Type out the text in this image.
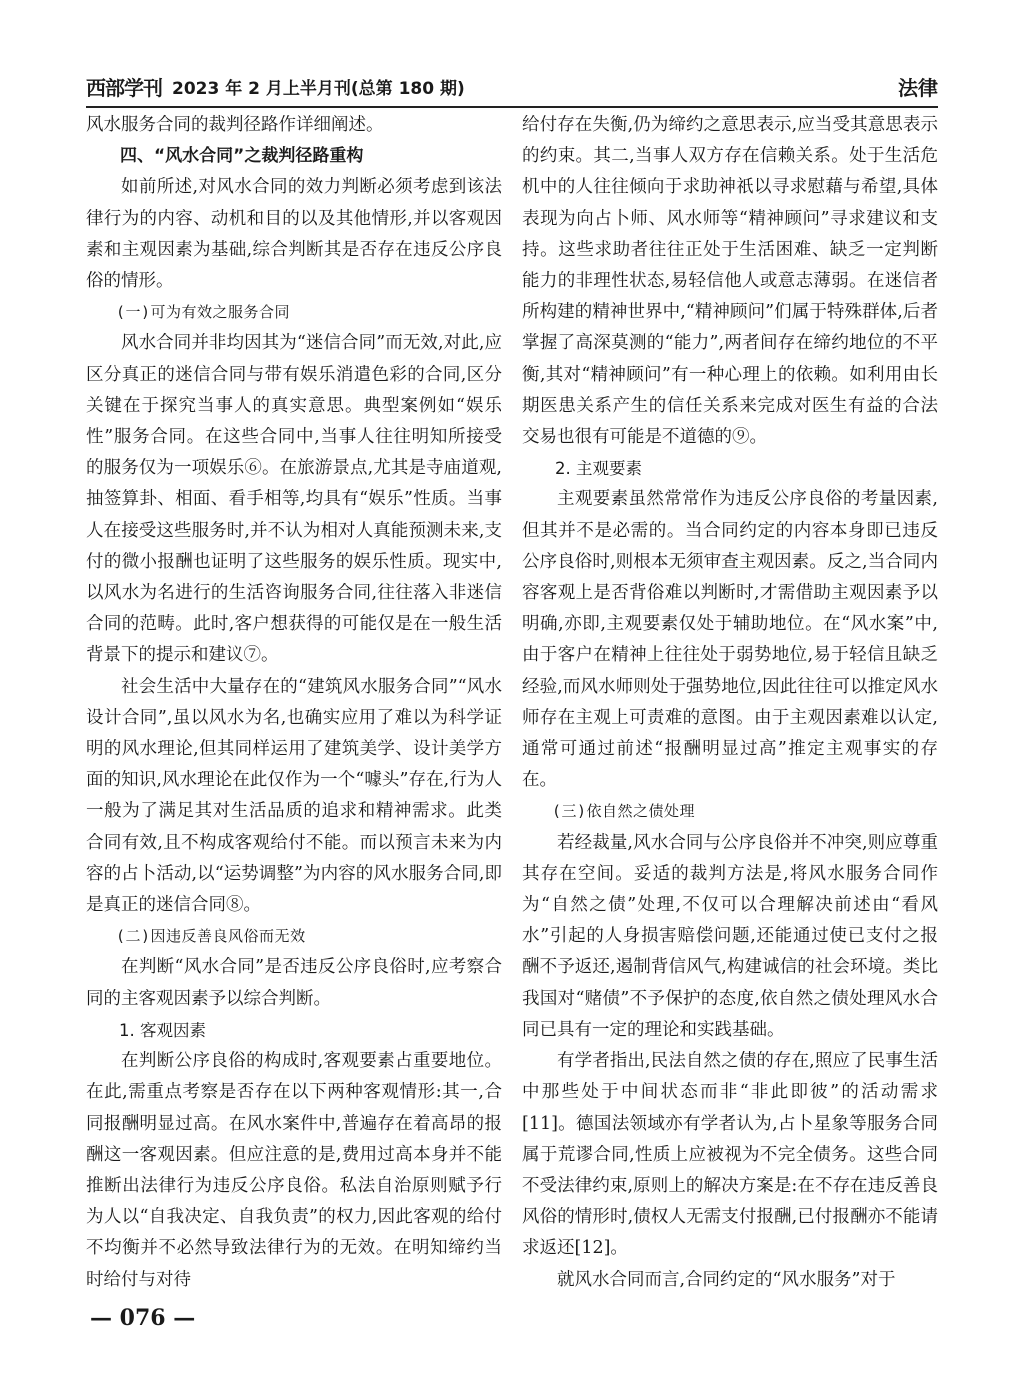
西部学刊 2023 年 2 月上半月刊(总第 180 期)	法律

风水服务合同的裁判径路作详细阐述。

四、“风水合同”之裁判径路重构

如前所述,对风水合同的效力判断必须考虑到该法律行为的内容、动机和目的以及其他情形,并以客观因素和主观因素为基础,综合判断其是否存在违反公序良俗的情形。

(一)可为有效之服务合同

风水合同并非均因其为“迷信合同”而无效,对此,应区分真正的迷信合同与带有娱乐消遣色彩的合同,区分关键在于探究当事人的真实意思。典型案例如“娱乐性”服务合同。在这些合同中,当事人往往明知所接受的服务仅为一项娱乐⑥。在旅游景点,尤其是寺庙道观,抽签算卦、相面、看手相等,均具有“娱乐”性质。当事人在接受这些服务时,并不认为相对人真能预测未来,支付的微小报酬也证明了这些服务的娱乐性质。现实中,以风水为名进行的生活咨询服务合同,往往落入非迷信合同的范畴。此时,客户想获得的可能仅是在一般生活背景下的提示和建议⑦。

社会生活中大量存在的“建筑风水服务合同”“风水设计合同”,虽以风水为名,也确实应用了难以为科学证明的风水理论,但其同样运用了建筑美学、设计美学方面的知识,风水理论在此仅作为一个“噱头”存在,行为人一般为了满足其对生活品质的追求和精神需求。此类合同有效,且不构成客观给付不能。而以预言未来为内容的占卜活动,以“运势调整”为内容的风水服务合同,即是真正的迷信合同⑧。

(二)因违反善良风俗而无效

在判断“风水合同”是否违反公序良俗时,应考察合同的主客观因素予以综合判断。

1. 客观因素

在判断公序良俗的构成时,客观要素占重要地位。在此,需重点考察是否存在以下两种客观情形:其一,合同报酬明显过高。在风水案件中,普遍存在着高昂的报酬这一客观因素。但应注意的是,费用过高本身并不能推断出法律行为违反公序良俗。私法自治原则赋予行为人以“自我决定、自我负责”的权力,因此客观的给付不均衡并不必然导致法律行为的无效。在明知缔约当时给付与对待

给付存在失衡,仍为缔约之意思表示,应当受其意思表示的约束。其二,当事人双方存在信赖关系。处于生活危机中的人往往倾向于求助神祇以寻求慰藉与希望,具体表现为向占卜师、风水师等“精神顾问”寻求建议和支持。这些求助者往往正处于生活困难、缺乏一定判断能力的非理性状态,易轻信他人或意志薄弱。在迷信者所构建的精神世界中,“精神顾问”们属于特殊群体,后者掌握了高深莫测的“能力”,两者间存在缔约地位的不平衡,其对“精神顾问”有一种心理上的依赖。如利用由长期医患关系产生的信任关系来完成对医生有益的合法交易也很有可能是不道德的⑨。

2. 主观要素

主观要素虽然常常作为违反公序良俗的考量因素,但其并不是必需的。当合同约定的内容本身即已违反公序良俗时,则根本无须审查主观因素。反之,当合同内容客观上是否背俗难以判断时,才需借助主观因素予以明确,亦即,主观要素仅处于辅助地位。在“风水案”中,由于客户在精神上往往处于弱势地位,易于轻信且缺乏经验,而风水师则处于强势地位,因此往往可以推定风水师存在主观上可责难的意图。由于主观因素难以认定,通常可通过前述“报酬明显过高”推定主观事实的存在。

(三)依自然之债处理

若经裁量,风水合同与公序良俗并不冲突,则应尊重其存在空间。妥适的裁判方法是,将风水服务合同作为“自然之债”处理,不仅可以合理解决前述由“看风水”引起的人身损害赔偿问题,还能通过使已支付之报酬不予返还,遏制背信风气,构建诚信的社会环境。类比我国对“赌债”不予保护的态度,依自然之债处理风水合同已具有一定的理论和实践基础。

有学者指出,民法自然之债的存在,照应了民事生活中那些处于中间状态而非“非此即彼”的活动需求[11]。德国法领域亦有学者认为,占卜星象等服务合同属于荒谬合同,性质上应被视为不完全债务。这些合同不受法律约束,原则上的解决方案是:在不存在违反善良风俗的情形时,债权人无需支付报酬,已付报酬亦不能请求返还[12]。

就风水合同而言,合同约定的“风水服务”对于

— 076 —
